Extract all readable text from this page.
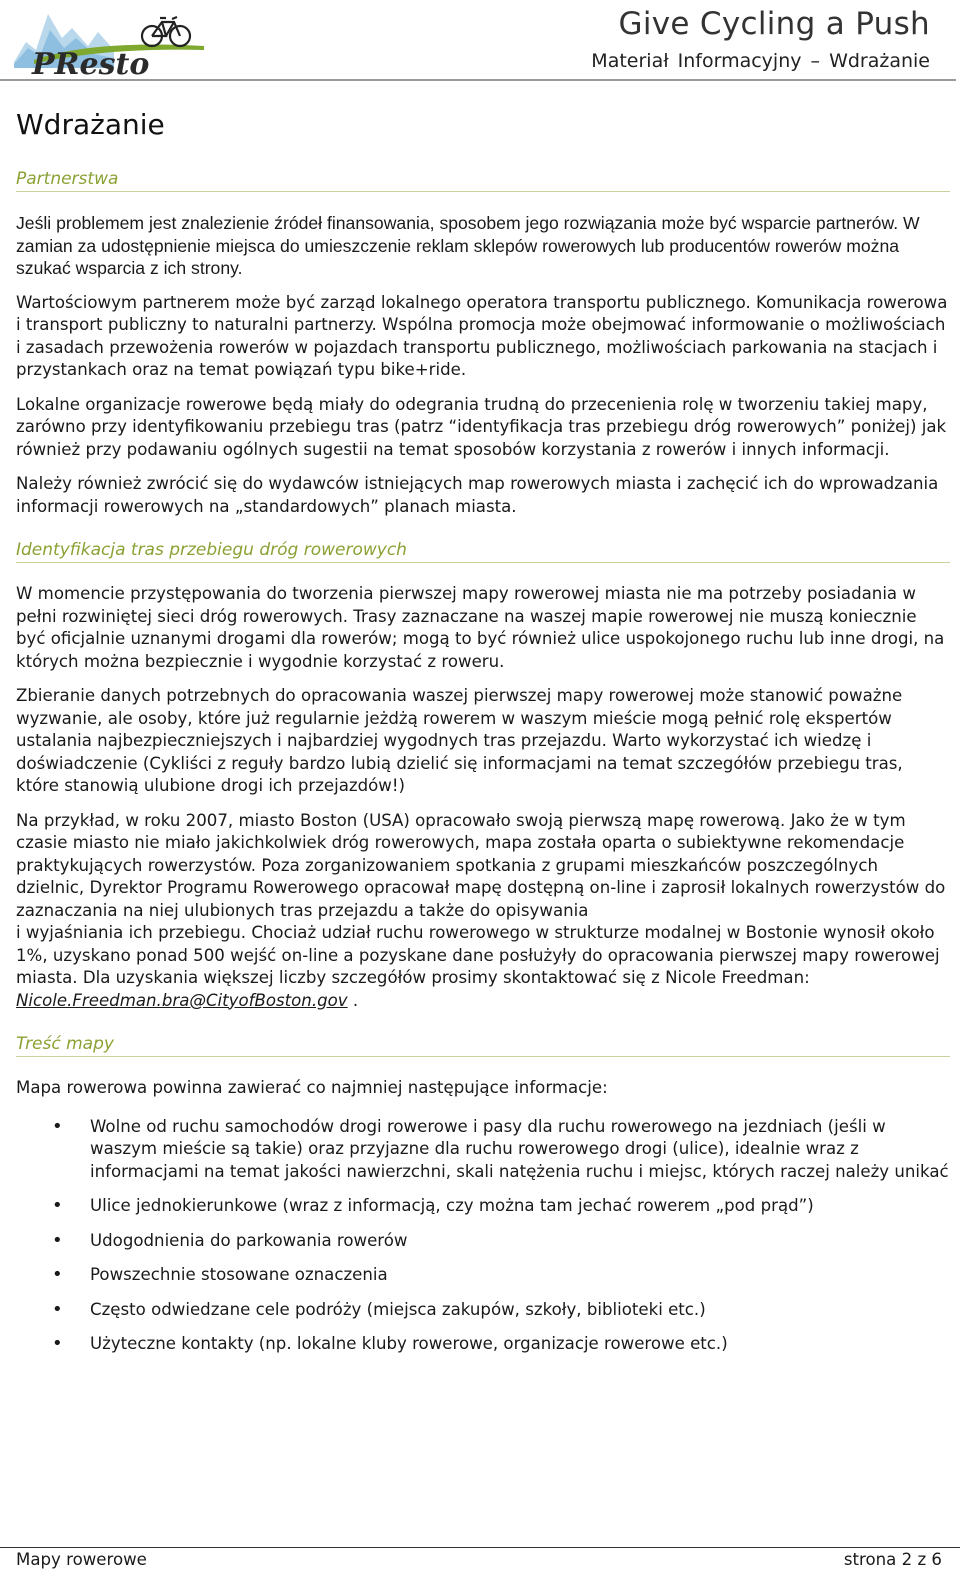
PResto
Give Cycling a Push
Materiał Informacyjny – Wdrażanie
Wdrażanie
Partnerstwa

Jeśli problemem jest znalezienie źródeł finansowania, sposobem jego rozwiązania może być wsparcie partnerów. W zamian za udostępnienie miejsca do umieszczenie reklam sklepów rowerowych lub producentów rowerów można szukać wsparcia z ich strony.

Wartościowym partnerem może być zarząd lokalnego operatora transportu publicznego. Komunikacja rowerowa i transport publiczny to naturalni partnerzy. Wspólna promocja może obejmować informowanie o możliwościach i zasadach przewożenia rowerów w pojazdach transportu publicznego, możliwościach parkowania na stacjach i przystankach oraz na temat powiązań typu bike+ride.

Lokalne organizacje rowerowe będą miały do odegrania trudną do przecenienia rolę w tworzeniu takiej mapy, zarówno przy identyfikowaniu przebiegu tras (patrz “identyfikacja tras przebiegu dróg rowerowych” poniżej) jak również przy podawaniu ogólnych sugestii na temat sposobów korzystania z rowerów i innych informacji.

Należy również zwrócić się do wydawców istniejących map rowerowych miasta i zachęcić ich do wprowadzania informacji rowerowych na „standardowych” planach miasta.

Identyfikacja tras przebiegu dróg rowerowych

W momencie przystępowania do tworzenia pierwszej mapy rowerowej miasta nie ma potrzeby posiadania w pełni rozwiniętej sieci dróg rowerowych. Trasy zaznaczane na waszej mapie rowerowej nie muszą koniecznie być oficjalnie uznanymi drogami dla rowerów; mogą to być również ulice uspokojonego ruchu lub inne drogi, na których można bezpiecznie i wygodnie korzystać z roweru.

Zbieranie danych potrzebnych do opracowania waszej pierwszej mapy rowerowej może stanowić poważne wyzwanie, ale osoby, które już regularnie jeżdżą rowerem w waszym mieście mogą pełnić rolę ekspertów ustalania najbezpieczniejszych i najbardziej wygodnych tras przejazdu. Warto wykorzystać ich wiedzę i doświadczenie (Cykliści z reguły bardzo lubią dzielić się informacjami na temat szczegółów przebiegu tras, które stanowią ulubione drogi ich przejazdów!)

Na przykład, w roku 2007, miasto Boston (USA) opracowało swoją pierwszą mapę rowerową. Jako że w tym czasie miasto nie miało jakichkolwiek dróg rowerowych, mapa została oparta o subiektywne rekomendacje praktykujących rowerzystów. Poza zorganizowaniem spotkania z grupami mieszkańców poszczególnych dzielnic, Dyrektor Programu Rowerowego opracował mapę dostępną on-line i zaprosił lokalnych rowerzystów do zaznaczania na niej ulubionych tras przejazdu a także do opisywania
i wyjaśniania ich przebiegu. Chociaż udział ruchu rowerowego w strukturze modalnej w Bostonie wynosił około 1%, uzyskano ponad 500 wejść on-line a pozyskane dane posłużyły do opracowania pierwszej mapy rowerowej miasta. Dla uzyskania większej liczby szczegółów prosimy skontaktować się z Nicole Freedman: Nicole.Freedman.bra@CityofBoston.gov .

Treść mapy

Mapa rowerowa powinna zawierać co najmniej następujące informacje:

• Wolne od ruchu samochodów drogi rowerowe i pasy dla ruchu rowerowego na jezdniach (jeśli w waszym mieście są takie) oraz przyjazne dla ruchu rowerowego drogi (ulice), idealnie wraz z informacjami na temat jakości nawierzchni, skali natężenia ruchu i miejsc, których raczej należy unikać
• Ulice jednokierunkowe (wraz z informacją, czy można tam jechać rowerem „pod prąd”)
• Udogodnienia do parkowania rowerów
• Powszechnie stosowane oznaczenia
• Często odwiedzane cele podróży (miejsca zakupów, szkoły, biblioteki etc.)
• Użyteczne kontakty (np. lokalne kluby rowerowe, organizacje rowerowe etc.)
Mapy rowerowe	strona 2 z 6
